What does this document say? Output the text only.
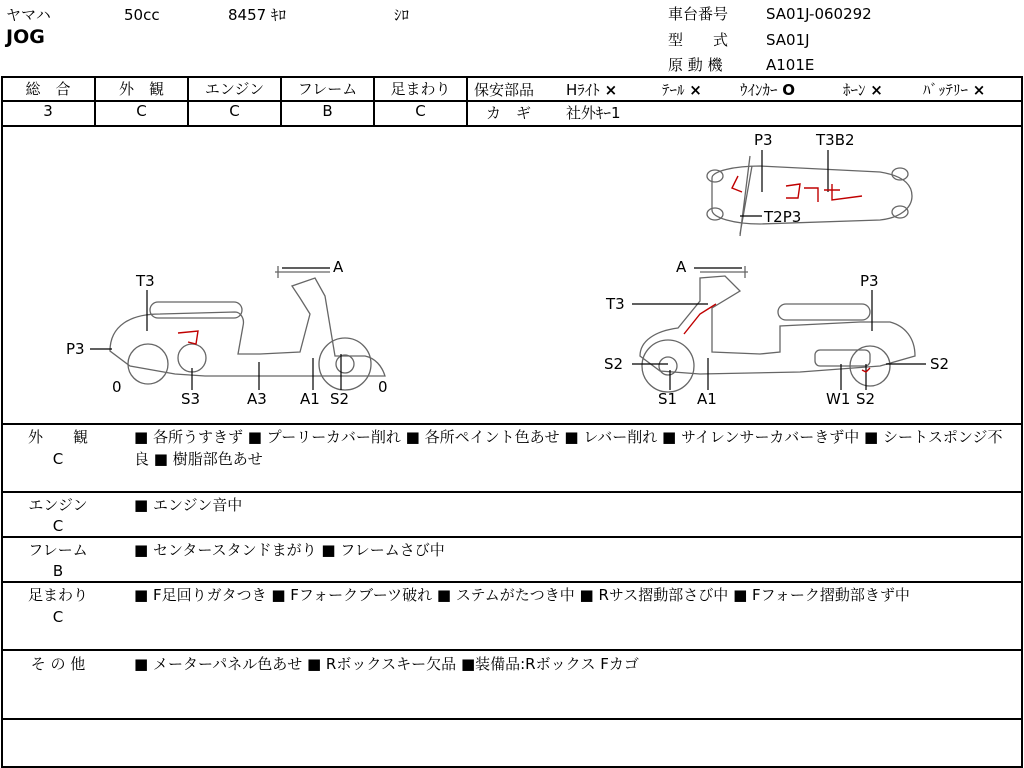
ヤマハ	50cc	8457 ｷﾛ	ｼﾛ
JOG
車台番号	SA01J-060292
型　　式	SA01J
原 動 機	A101E
総　合	外　観	エンジン	フレーム	足まわり
3	C	C	B	C
保安部品 Hﾗｲﾄ ×	ﾃｰﾙ ×	ｳｲﾝｶｰ O	ﾎｰﾝ ×	ﾊﾞｯﾃﾘｰ ×
カ　ギ 社外ｷｰ1
T3
A
P3
0
S3	A3 A1 S2
0
A
T3
P3
S2
S1 A1	W1 S2
S2
P3	T3B2
T2P3
外　　観
C
■ 各所うすきず ■ プーリーカバー削れ ■ 各所ペイント色あせ ■ レバー削れ ■ サイレンサーカバーきず中 ■ シートスポンジ不良 ■ 樹脂部色あせ
エンジン
C
■ エンジン音中
フレーム
B
■ センタースタンドまがり ■ フレームさび中
足まわり
C
■ F足回りガタつき ■ Fフォークブーツ破れ ■ ステムがたつき中 ■ Rサス摺動部さび中 ■ Fフォーク摺動部きず中
そ の 他	■ メーターパネル色あせ ■ Rボックスキー欠品 ■装備品:Rボックス Fカゴ
